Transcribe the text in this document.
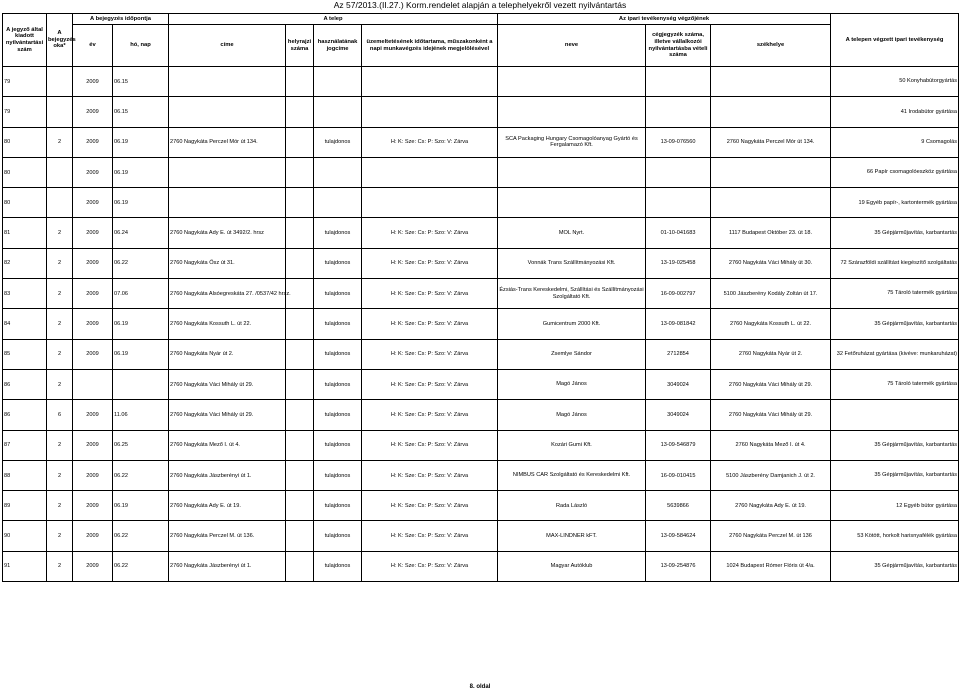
Az 57/2013.(II.27.) Korm.rendelet alapján a telephelyekről vezett nyilvántartás
A jegyző által kiadott nyilvántartási szám	A bejegyzés oka*	A bejegyzés időpontja		A telep				Az ipari tevékenység végzőjének			A telepen végzett ipari tevékenység
		év	hó, nap	címe	helyrajzi száma	használatának jogcíme	üzemeltetésének időtartama, műszakonként a napi munkavégzés idejének megjelölésével	neve	cégjegyzék száma, illetve vállalkozói nyilvántartásba vételi száma	székhelye	
79		2009	06.15								50 Konyhabútorgyártás
79		2009	06.15								41 Irodabútor gyártása
80	2	2009	06.19	2760 Nagykáta Perczel Mór út 134.		tulajdonos	H: K: Sze: Cs: P: Szo: V: Zárva	SCA Packaging Hungary Csomagolóanyag Gyártó és Fergalamazó Kft.	13-09-076560	2760 Nagykáta Perczel Mór út 134.	9 Csomagolás
80		2009	06.19								66 Papír csomagolóeszköz gyártása
80		2009	06.19								19 Egyéb papír-, kartontermék gyártása
81	2	2009	06.24	2760 Nagykáta Ady E. út 3492/2. hrsz		tulajdonos	H: K: Sze: Cs: P: Szo: V: Zárva	MOL Nyrt.	01-10-041683	1117 Budapest Október 23. út 18.	35 Gépjárműjavítás, karbantartás
82	2	2009	06.22	2760 Nagykáta Ősz út 31.		tulajdonos	H: K: Sze: Cs: P: Szo: V: Zárva	Vonnák Trans Szállítmányozási Kft.	13-19-025458	2760 Nagykáta Váci Mihály út 30.	72 Szárazföldi szállítást kiegészítő szolgáltatás
83	2	2009	07.06	2760 Nagykáta Alsóegreskáta 27. /0537/42 hrsz.		tulajdonos	H: K: Sze: Cs: P: Szo: V: Zárva	Ézsiás-Trans Kereskedelmi, Szállítási és Szállítmányozási Szolgáltató Kft.	16-09-002797	5100 Jászberény Kodály Zoltán út 17.	75 Tároló tatermék gyártása
84	2	2009	06.19	2760 Nagykáta Kossuth L. út 22.		tulajdonos	H: K: Sze: Cs: P: Szo: V: Zárva	Gumicentrum 2000 Kft.	13-09-081842	2760 Nagykáta Kossuth L. út 22.	35 Gépjárműjavítás, karbantartás
85	2	2009	06.19	2760 Nagykáta Nyár út 2.		tulajdonos	H: K: Sze: Cs: P: Szo: V: Zárva	Zsemlye Sándor	2712854	2760 Nagykáta Nyár út 2.	32 Fetőruházat gyártása (kivéve: munkaruházat)
86	2			2760 Nagykáta Váci Mihály út 29.		tulajdonos	H: K: Sze: Cs: P: Szo: V: Zárva	Magó János	3049024	2760 Nagykáta Váci Mihály út 29.	75 Tároló tatermék gyártása
86	6	2009	11.06	2760 Nagykáta Váci Mihály út 29.		tulajdonos	H: K: Sze: Cs: P: Szo: V: Zárva	Magó János	3049024	2760 Nagykáta Váci Mihály út 29.	
87	2	2009	06.25	2760 Nagykáta Mező I. út 4.		tulajdonos	H: K: Sze: Cs: P: Szo: V: Zárva	Kozári Gumi Kft.	13-09-546879	2760 Nagykáta Mező I. út 4.	35 Gépjárműjavítás, karbantartás
88	2	2009	06.22	2760 Nagykáta Jászberényi út 1.		tulajdonos	H: K: Sze: Cs: P: Szo: V: Zárva	NIMBUS CAR Szolgáltató és Kereskedelmi Kft.	16-09-010415	5100 Jászberény Damjanich J. út 2.	35 Gépjárműjavítás, karbantartás
89	2	2009	06.19	2760 Nagykáta Ady E. út 19.		tulajdonos	H: K: Sze: Cs: P: Szo: V: Zárva	Rada László	5639866	2760 Nagykáta Ady E. út 19.	12 Egyéb bútor gyártása
90	2	2009	06.22	2760 Nagykáta Perczel M. út 136.		tulajdonos	H: K: Sze: Cs: P: Szo: V: Zárva	MAX-LINDNER kFT.	13-09-584624	2760 Nagykáta Perczel M. út 136	53 Kötött, horkolt harisnyafélék gyártása
91	2	2009	06.22	2760 Nagykáta Jászberényi út 1.		tulajdonos	H: K: Sze: Cs: P: Szo: V: Zárva	Magyar Autóklub	13-09-254876	1024 Budapest Rómer Flóris út 4/a.	35 Gépjárműjavítás, karbantartás
8. oldal
